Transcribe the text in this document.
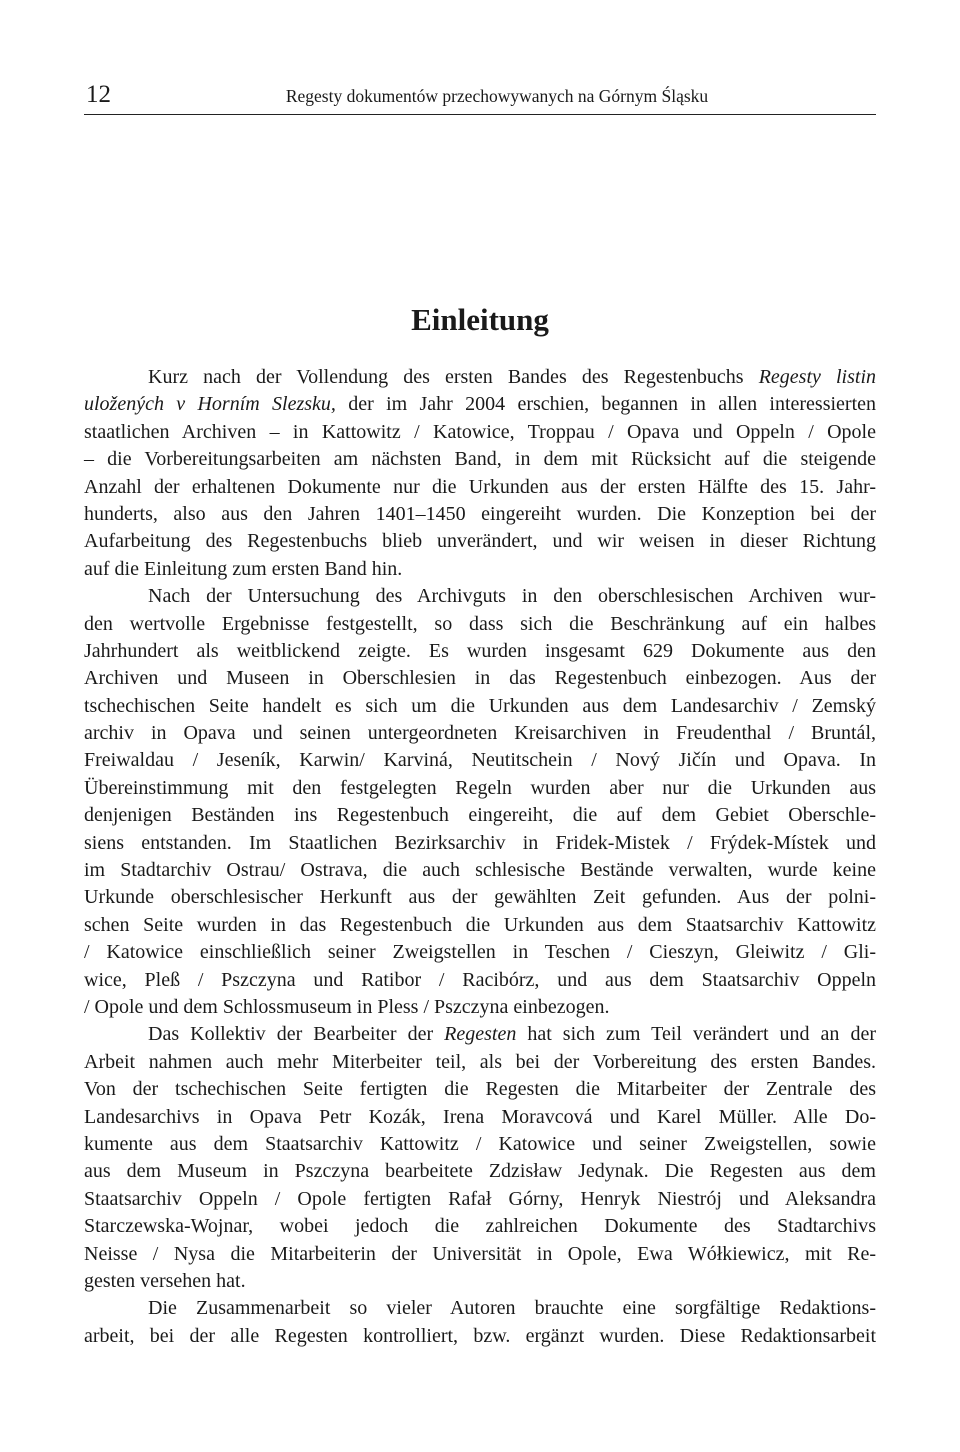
12	Regesty dokumentów przechowywanych na Górnym Śląsku
Einleitung
Kurz nach der Vollendung des ersten Bandes des Regestenbuchs Regesty listin
uložených v Horním Slezsku, der im Jahr 2004 erschien, begannen in allen interessierten
staatlichen Archiven – in Kattowitz / Katowice, Troppau / Opava und Oppeln / Opole
– die Vorbereitungsarbeiten am nächsten Band, in dem mit Rücksicht auf die steigende
Anzahl der erhaltenen Dokumente nur die Urkunden aus der ersten Hälfte des 15. Jahr-
hunderts, also aus den Jahren 1401–1450 eingereiht wurden. Die Konzeption bei der
Aufarbeitung des Regestenbuchs blieb unverändert, und wir weisen in dieser Richtung
auf die Einleitung zum ersten Band hin.
Nach der Untersuchung des Archivguts in den oberschlesischen Archiven wur-
den wertvolle Ergebnisse festgestellt, so dass sich die Beschränkung auf ein halbes
Jahrhundert als weitblickend zeigte. Es wurden insgesamt 629 Dokumente aus den
Archiven und Museen in Oberschlesien in das Regestenbuch einbezogen. Aus der
tschechischen Seite handelt es sich um die Urkunden aus dem Landesarchiv / Zemský
archiv in Opava und seinen untergeordneten Kreisarchiven in Freudenthal / Bruntál,
Freiwaldau / Jeseník, Karwin/ Karviná, Neutitschein / Nový Jičín und Opava. In
Übereinstimmung mit den festgelegten Regeln wurden aber nur die Urkunden aus
denjenigen Beständen ins Regestenbuch eingereiht, die auf dem Gebiet Oberschle-
siens entstanden. Im Staatlichen Bezirksarchiv in Fridek-Mistek / Frýdek-Místek und
im Stadtarchiv Ostrau/ Ostrava, die auch schlesische Bestände verwalten, wurde keine
Urkunde oberschlesischer Herkunft aus der gewählten Zeit gefunden. Aus der polni-
schen Seite wurden in das Regestenbuch die Urkunden aus dem Staatsarchiv Kattowitz
/ Katowice einschließlich seiner Zweigstellen in Teschen / Cieszyn, Gleiwitz / Gli-
wice, Pleß / Pszczyna und Ratibor / Racibórz, und aus dem Staatsarchiv Oppeln
/ Opole und dem Schlossmuseum in Pless / Pszczyna einbezogen.
Das Kollektiv der Bearbeiter der Regesten hat sich zum Teil verändert und an der
Arbeit nahmen auch mehr Miterbeiter teil, als bei der Vorbereitung des ersten Bandes.
Von der tschechischen Seite fertigten die Regesten die Mitarbeiter der Zentrale des
Landesarchivs in Opava Petr Kozák, Irena Moravcová und Karel Müller. Alle Do-
kumente aus dem Staatsarchiv Kattowitz / Katowice und seiner Zweigstellen, sowie
aus dem Museum in Pszczyna bearbeitete Zdzisław Jedynak. Die Regesten aus dem
Staatsarchiv Oppeln / Opole fertigten Rafał Górny, Henryk Niestrój und Aleksandra
Starczewska-Wojnar, wobei jedoch die zahlreichen Dokumente des Stadtarchivs
Neisse / Nysa die Mitarbeiterin der Universität in Opole, Ewa Wółkiewicz, mit Re-
gesten versehen hat.
Die Zusammenarbeit so vieler Autoren brauchte eine sorgfältige Redaktions-
arbeit, bei der alle Regesten kontrolliert, bzw. ergänzt wurden. Diese Redaktionsarbeit
